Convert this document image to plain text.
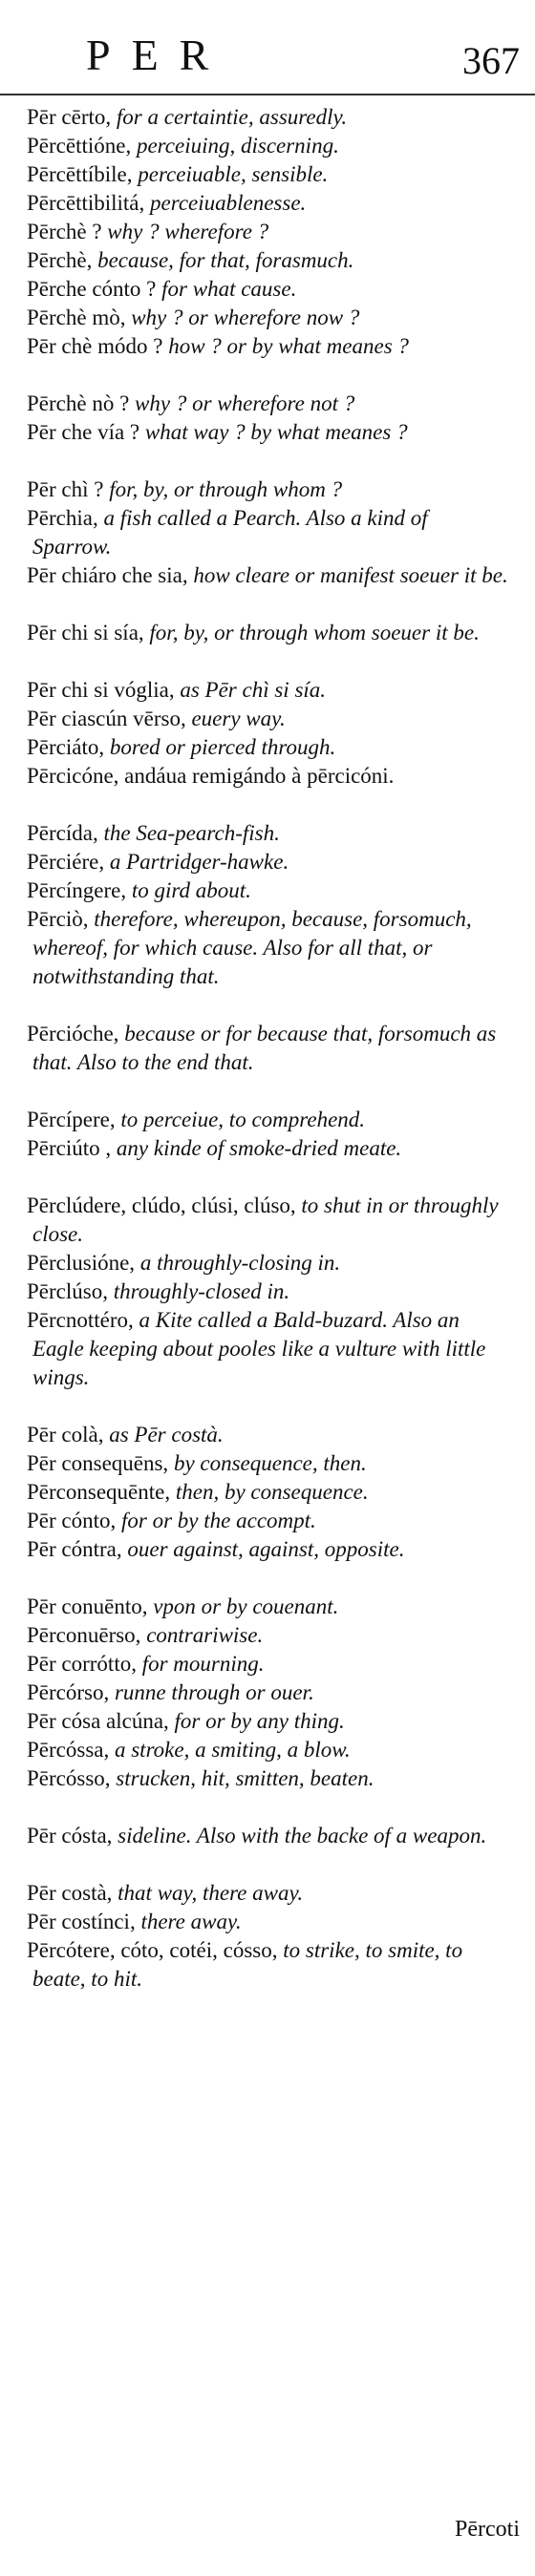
PER	367
Pēr cērto, for a certaintie, assuredly.
Pērcēttióne, perceiuing, discerning.
Pērcēttíbile, perceiuable, sensible.
Pērcēttibilitá, perceiuablenesse.
Pērchè ? why ? wherefore ?
Pērchè, because, for that, forasmuch.
Pērche cónto ? for what cause.
Pērchè mò, why ? or wherefore now ?
Pēr chè módo ? how ? or by what meanes ?
Pērchè nò ? why ? or wherefore not ?
Pēr che vía ? what way ? by what meanes ?
Pēr chì ? for, by, or through whom ?
Pērchia, a fish called a Pearch. Also a kind of Sparrow.
Pēr chiáro che sia, how cleare or manifest soeuer it be.
Pēr chi si sía, for, by, or through whom soeuer it be.
Pēr chi si vóglia, as Pēr chì si sía.
Pēr ciascún vērso, euery way.
Pērciáto, bored or pierced through.
Pērcicóne, andáua remigándo à pērcicóni.
Pērcída, the Sea-pearch-fish.
Pērciére, a Partridger-hawke.
Pērcíngere, to gird about.
Pērciò, therefore, whereupon, because, forsomuch, whereof, for which cause. Also for all that, or notwithstanding that.
Pērcióche, because or for because that, forsomuch as that. Also to the end that.
Pērcípere, to perceiue, to comprehend.
Pērciúto , any kinde of smoke-dried meate.
Pērclúdere, clúdo, clúsi, clúso, to shut in or throughly close.
Pērclusióne, a throughly-closing in.
Pērclúso, throughly-closed in.
Pērcnottéro, a Kite called a Bald-buzard. Also an Eagle keeping about pooles like a vulture with little wings.
Pēr colà, as Pēr costà.
Pēr consequēns, by consequence, then.
Pērconsequēnte, then, by consequence.
Pēr cónto, for or by the accompt.
Pēr cóntra, ouer against, against, opposite.
Pēr conuēnto, vpon or by couenant.
Pērconuērso, contrariwise.
Pēr corrótto, for mourning.
Pērcórso, runne through or ouer.
Pēr cósa alcúna, for or by any thing.
Pērcóssa, a stroke, a smiting, a blow.
Pērcósso, strucken, hit, smitten, beaten.
Pēr cósta, sideline. Also with the backe of a weapon.
Pēr costà, that way, there away.
Pēr costínci, there away.
Pērcótere, cóto, cotéi, cósso, to strike, to smite, to beate, to hit.
Pērcoti
